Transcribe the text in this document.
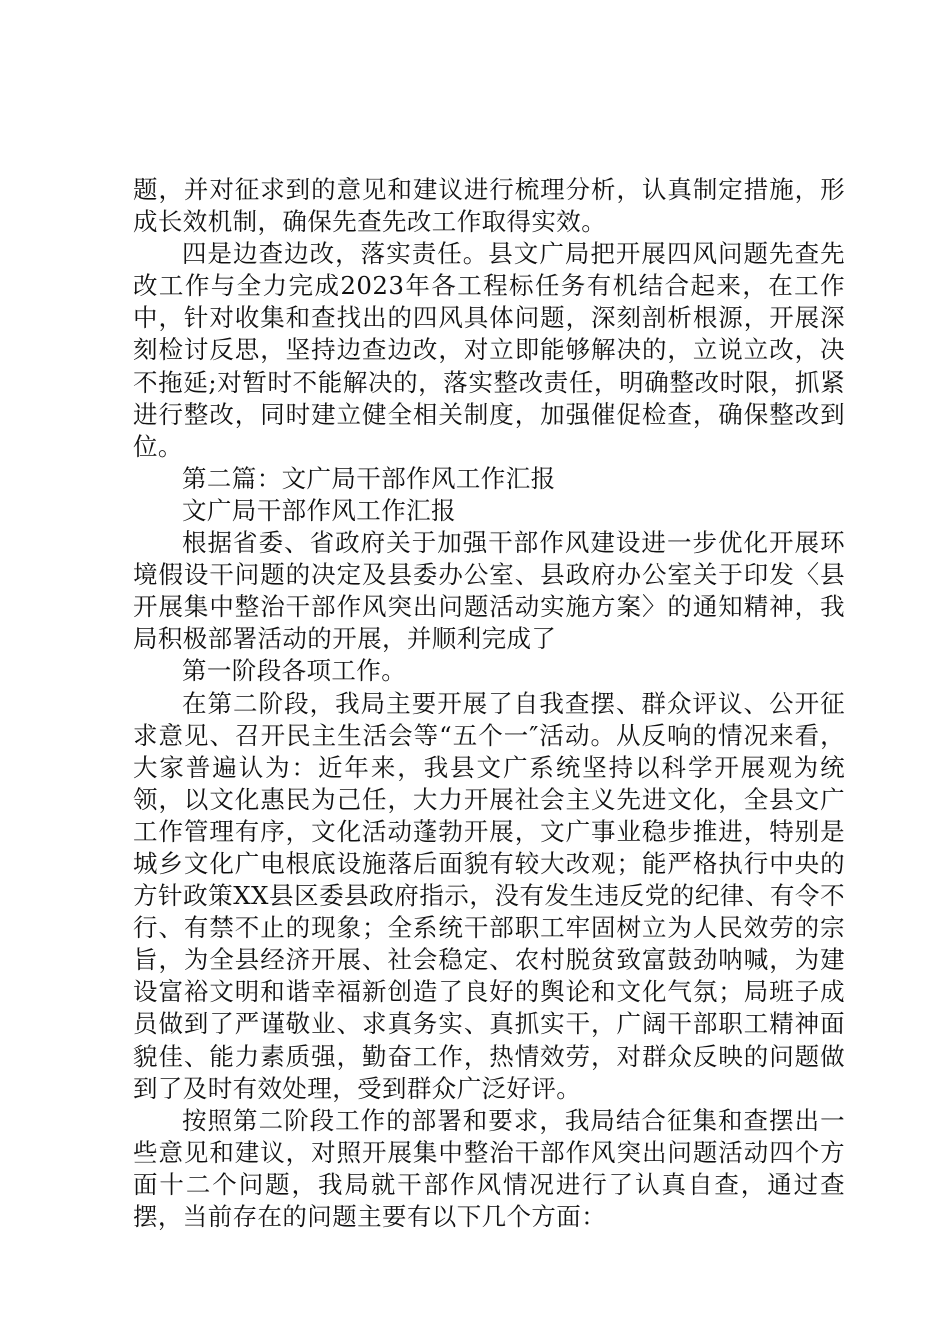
题，并对征求到的意见和建议进行梳理分析，认真制定措施，形成长效机制，确保先查先改工作取得实效。

四是边查边改，落实责任。县文广局把开展四风问题先查先改工作与全力完成2023年各工程标任务有机结合起来，在工作中，针对收集和查找出的四风具体问题，深刻剖析根源，开展深刻检讨反思，坚持边查边改，对立即能够解决的，立说立改，决不拖延;对暂时不能解决的，落实整改责任，明确整改时限，抓紧进行整改，同时建立健全相关制度，加强催促检查，确保整改到位。

第二篇：文广局干部作风工作汇报

文广局干部作风工作汇报

根据省委、省政府关于加强干部作风建设进一步优化开展环境假设干问题的决定及县委办公室、县政府办公室关于印发〈县开展集中整治干部作风突出问题活动实施方案〉的通知精神，我局积极部署活动的开展，并顺利完成了

第一阶段各项工作。

在第二阶段，我局主要开展了自我查摆、群众评议、公开征求意见、召开民主生活会等“五个一″活动。从反响的情况来看，大家普遍认为：近年来，我县文广系统坚持以科学开展观为统领，以文化惠民为己任，大力开展社会主义先进文化，全县文广工作管理有序，文化活动蓬勃开展，文广事业稳步推进，特别是城乡文化广电根底设施落后面貌有较大改观；能严格执行中央的方针政策XX县区委县政府指示，没有发生违反党的纪律、有令不行、有禁不止的现象；全系统干部职工牢固树立为人民效劳的宗旨，为全县经济开展、社会稳定、农村脱贫致富鼓劲呐喊，为建设富裕文明和谐幸福新创造了良好的舆论和文化气氛；局班子成员做到了严谨敬业、求真务实、真抓实干，广阔干部职工精神面貌佳、能力素质强，勤奋工作，热情效劳，对群众反映的问题做到了及时有效处理，受到群众广泛好评。

按照第二阶段工作的部署和要求，我局结合征集和查摆出一些意见和建议，对照开展集中整治干部作风突出问题活动四个方面十二个问题，我局就干部作风情况进行了认真自查，通过查摆，当前存在的问题主要有以下几个方面：
